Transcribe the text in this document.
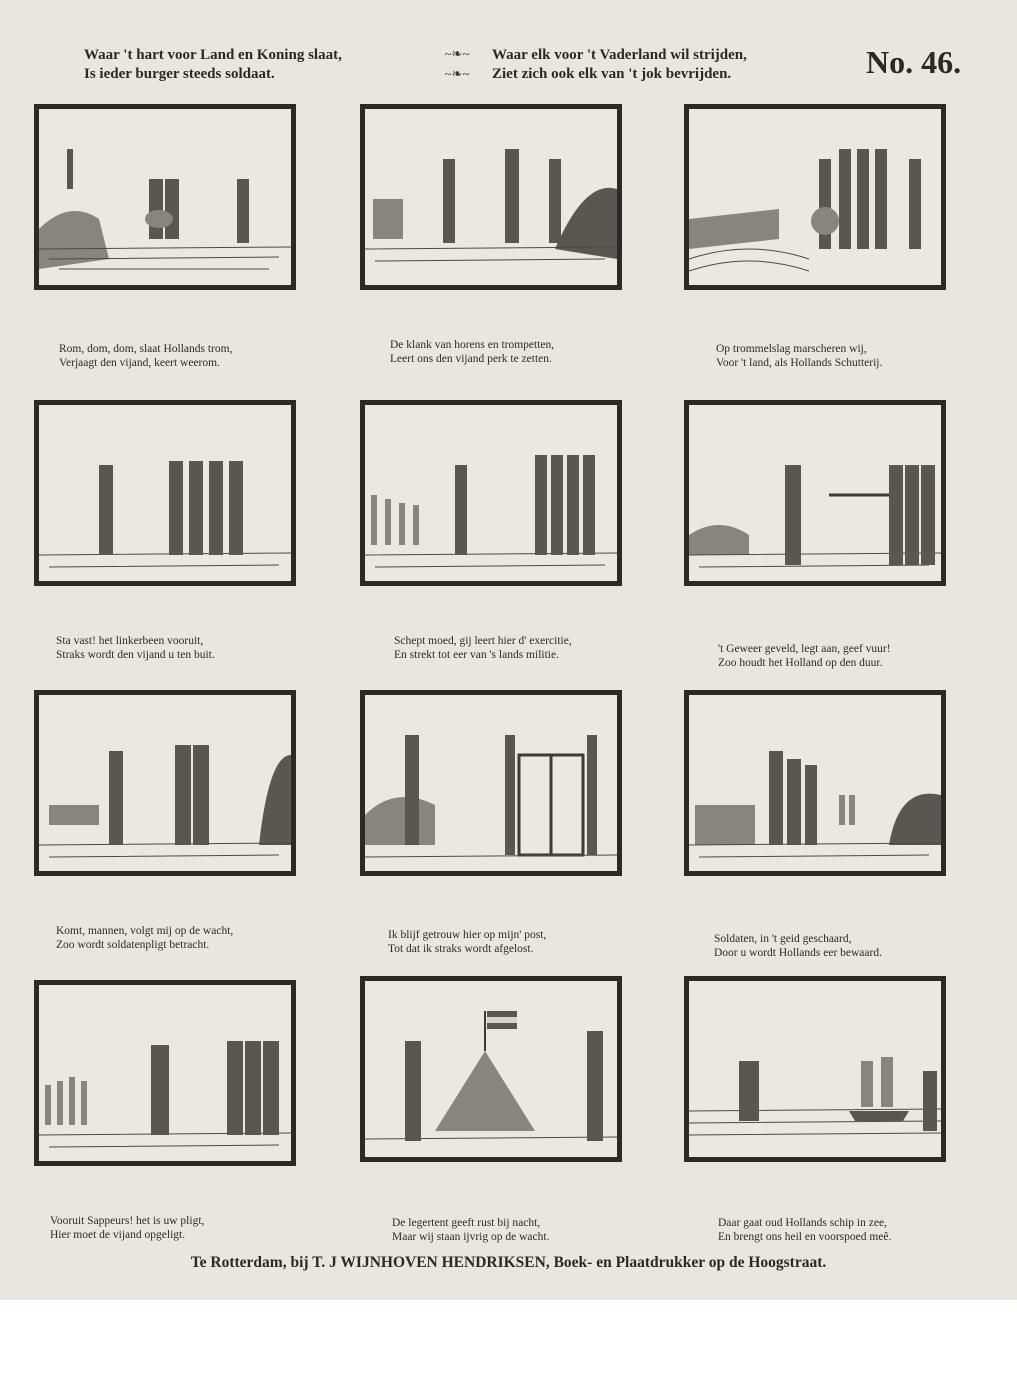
Waar 't hart voor Land en Koning slaat,
Is ieder burger steeds soldaat.
~❧~
~❧~
Waar elk voor 't Vaderland wil strijden,
Ziet zich ook elk van 't jok bevrijden.	No. 46.
Rom, dom, dom, slaat Hollands trom,
Verjaagt den vijand, keert weerom.
De klank van horens en trompetten,
Leert ons den vijand perk te zetten.
Op trommelslag marscheren wij,
Voor 't land, als Hollands Schutterij.
Sta vast! het linkerbeen vooruit,
Straks wordt den vijand u ten buit.
Schept moed, gij leert hier d' exercitie,
En strekt tot eer van 's lands militie.	't Geweer geveld, legt aan, geef vuur!
Zoo houdt het Holland op den duur.
Komt, mannen, volgt mij op de wacht,
Zoo wordt soldatenpligt betracht.
Ik blijf getrouw hier op mijn' post,
Tot dat ik straks wordt afgelost.
Soldaten, in 't geid geschaard,
Door u wordt Hollands eer bewaard.
Vooruit Sappeurs! het is uw pligt,
Hier moet de vijand opgeligt.
De legertent geeft rust bij nacht,
Maar wij staan ijvrig op de wacht.
Daar gaat oud Hollands schip in zee,
En brengt ons heil en voorspoed meê.
Te Rotterdam, bij T. J WIJNHOVEN HENDRIKSEN, Boek- en Plaatdrukker op de Hoogstraat.
